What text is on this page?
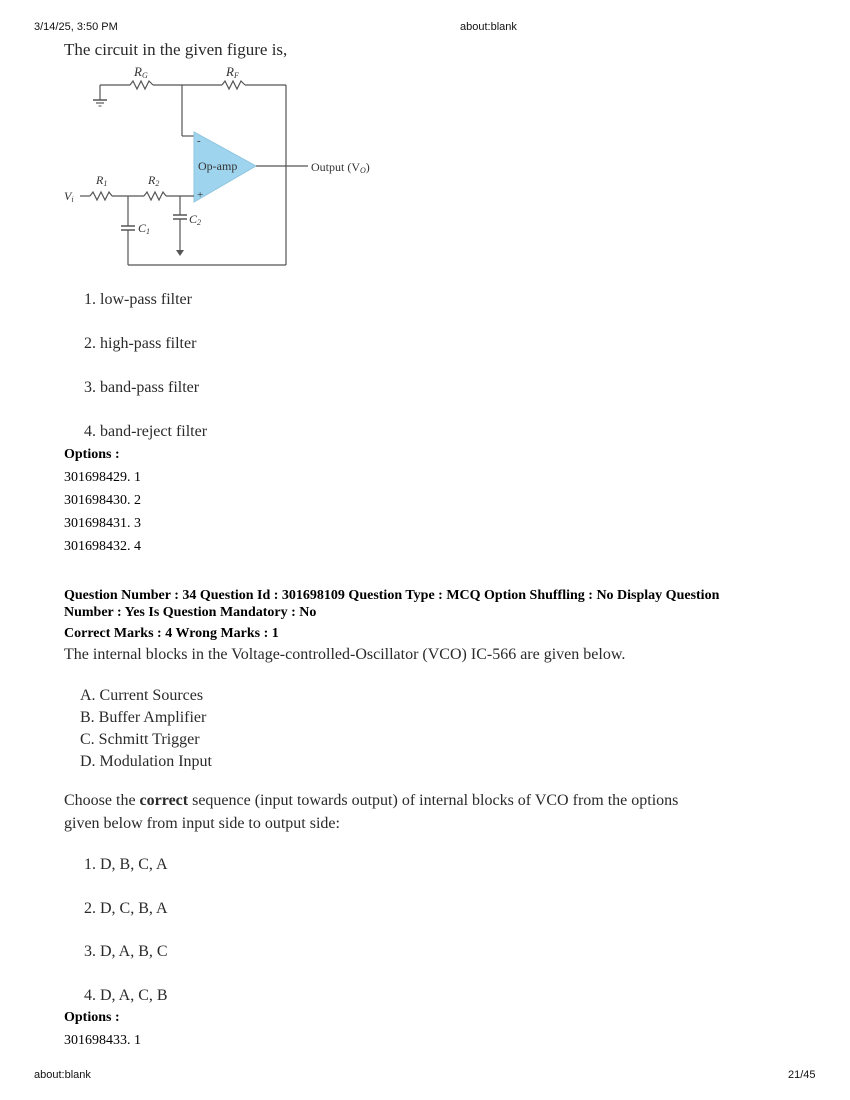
3/14/25, 3:50 PM	about:blank
The circuit in the given figure is,
RG	RF
Op-amp	Output (VO)
R1	R2
Vi
C1
C2
-
+
1. low-pass filter
2. high-pass filter
3. band-pass filter
4. band-reject filter
Options :
301698429. 1
301698430. 2
301698431. 3
301698432. 4
Question Number : 34 Question Id : 301698109 Question Type : MCQ Option Shuffling : No Display Question
Number : Yes Is Question Mandatory : No
Correct Marks : 4 Wrong Marks : 1
The internal blocks in the Voltage-controlled-Oscillator (VCO) IC-566 are given below.
A. Current Sources
B. Buffer Amplifier
C. Schmitt Trigger
D. Modulation Input
Choose the correct sequence (input towards output) of internal blocks of VCO from the options
given below from input side to output side:
1. D, B, C, A
2. D, C, B, A
3. D, A, B, C
4. D, A, C, B
Options :
301698433. 1
about:blank	21/45
